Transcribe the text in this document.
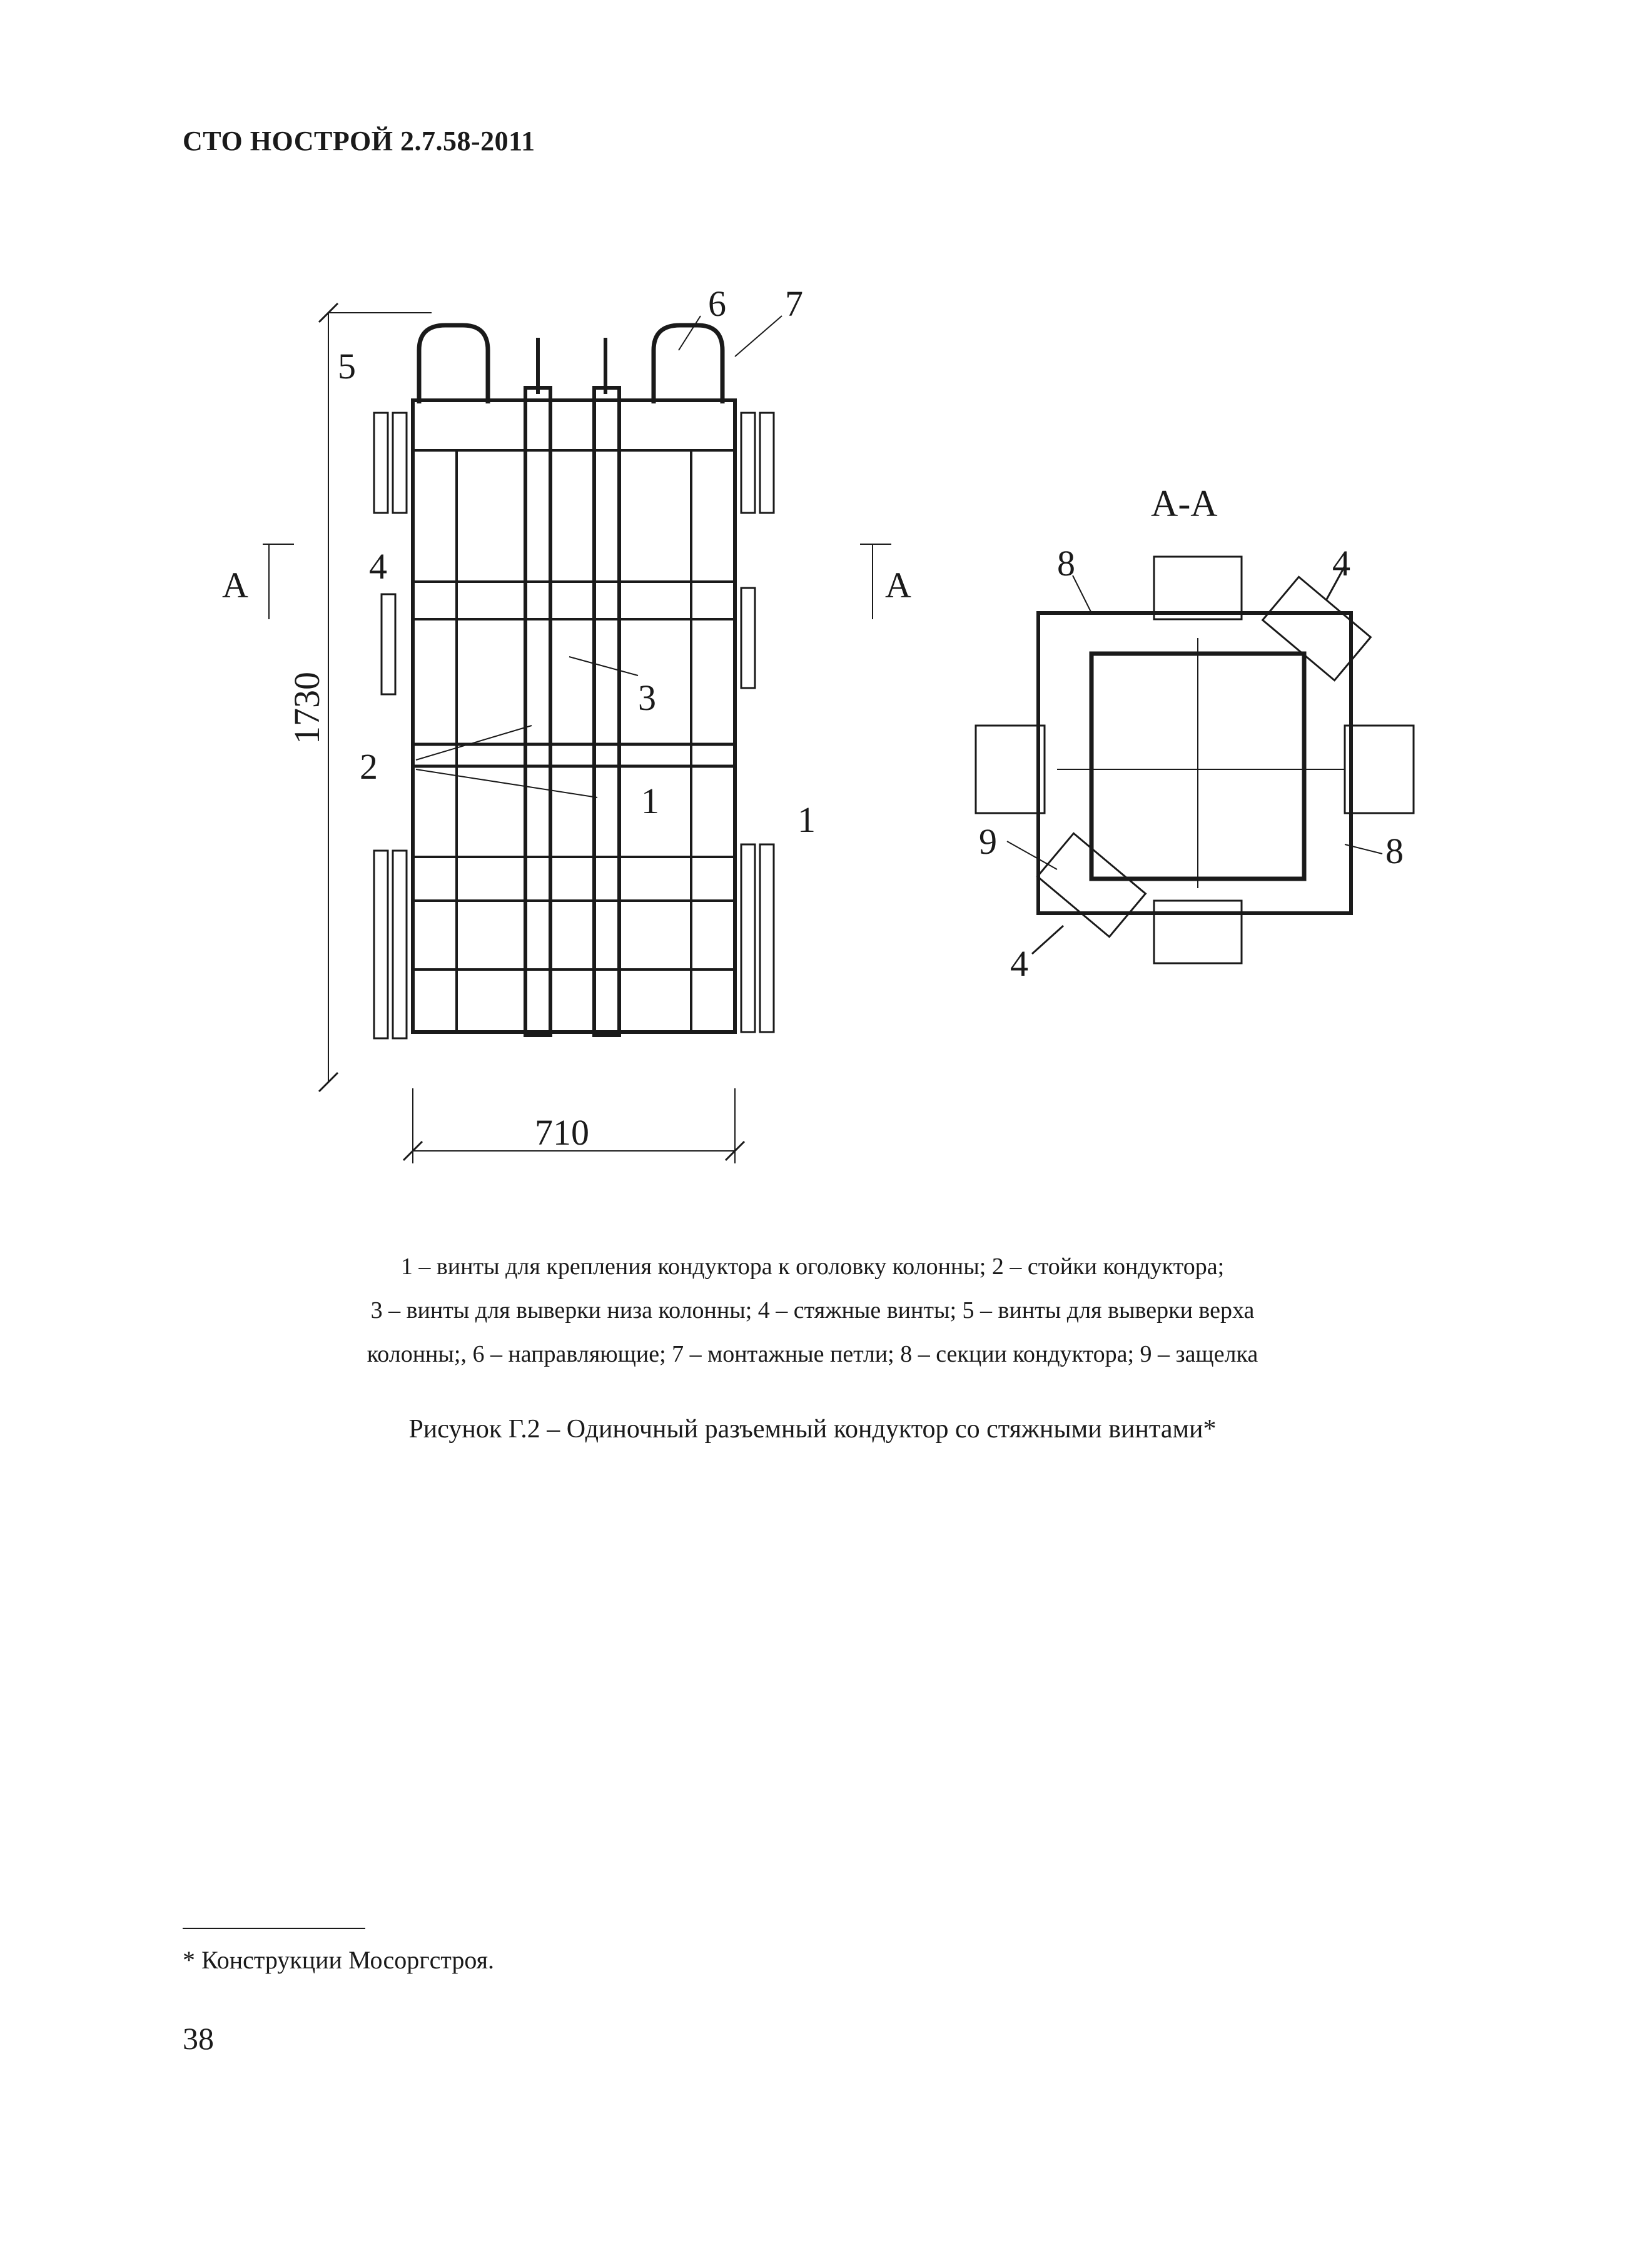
СТО НОСТРОЙ 2.7.58-2011
6 7
5
4
3
2
1	1
8	4
9	8
4
А	А
А-А
710
1730
1 – винты для крепления кондуктора к оголовку колонны; 2 – стойки кондуктора;
3 – винты для выверки низа колонны; 4 – стяжные винты; 5 – винты для выверки верха
колонны;, 6 – направляющие; 7 – монтажные петли; 8 – секции кондуктора; 9 – защелка
Рисунок Г.2 – Одиночный разъемный кондуктор со стяжными винтами*
* Конструкции Мосоргстроя.
38
